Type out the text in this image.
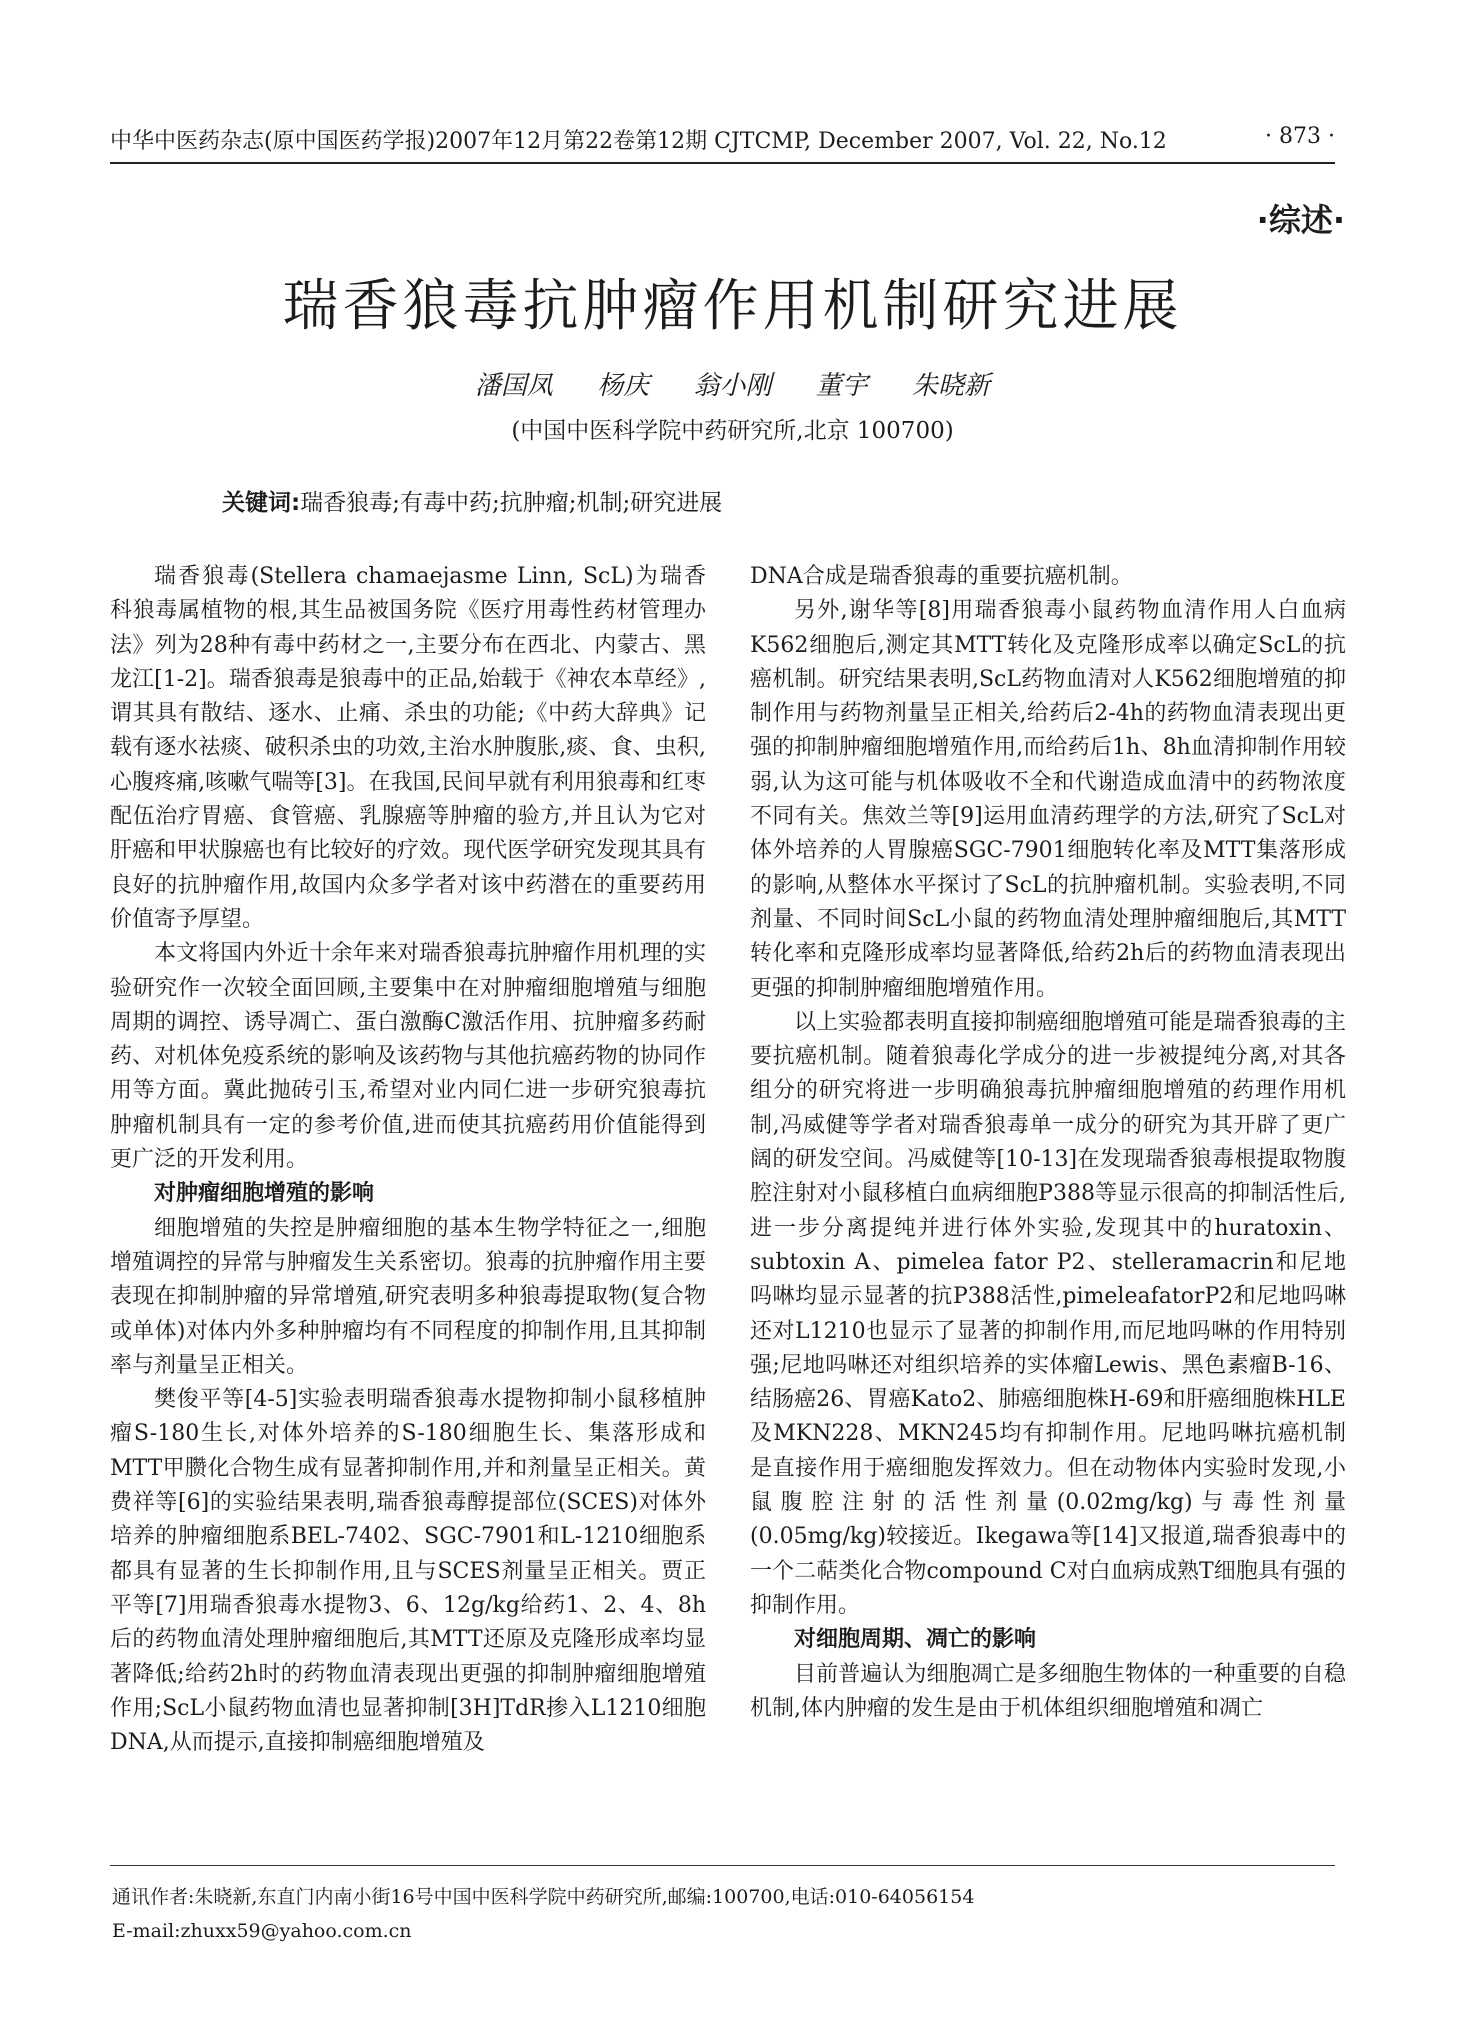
中华中医药杂志(原中国医药学报)2007年12月第22卷第12期 CJTCMP, December 2007, Vol. 22, No.12	· 873 ·
·综述·
瑞香狼毒抗肿瘤作用机制研究进展
潘国凤 杨庆 翁小刚 董宇 朱晓新
(中国中医科学院中药研究所,北京 100700)
关键词:瑞香狼毒;有毒中药;抗肿瘤;机制;研究进展

瑞香狼毒(Stellera chamaejasme Linn, ScL)为瑞香科狼毒属植物的根,其生品被国务院《医疗用毒性药材管理办法》列为28种有毒中药材之一,主要分布在西北、内蒙古、黑龙江[1-2]。瑞香狼毒是狼毒中的正品,始载于《神农本草经》,谓其具有散结、逐水、止痛、杀虫的功能;《中药大辞典》记载有逐水祛痰、破积杀虫的功效,主治水肿腹胀,痰、食、虫积,心腹疼痛,咳嗽气喘等[3]。在我国,民间早就有利用狼毒和红枣配伍治疗胃癌、食管癌、乳腺癌等肿瘤的验方,并且认为它对肝癌和甲状腺癌也有比较好的疗效。现代医学研究发现其具有良好的抗肿瘤作用,故国内众多学者对该中药潜在的重要药用价值寄予厚望。

本文将国内外近十余年来对瑞香狼毒抗肿瘤作用机理的实验研究作一次较全面回顾,主要集中在对肿瘤细胞增殖与细胞周期的调控、诱导凋亡、蛋白激酶C激活作用、抗肿瘤多药耐药、对机体免疫系统的影响及该药物与其他抗癌药物的协同作用等方面。冀此抛砖引玉,希望对业内同仁进一步研究狼毒抗肿瘤机制具有一定的参考价值,进而使其抗癌药用价值能得到更广泛的开发利用。

对肿瘤细胞增殖的影响

细胞增殖的失控是肿瘤细胞的基本生物学特征之一,细胞增殖调控的异常与肿瘤发生关系密切。狼毒的抗肿瘤作用主要表现在抑制肿瘤的异常增殖,研究表明多种狼毒提取物(复合物或单体)对体内外多种肿瘤均有不同程度的抑制作用,且其抑制率与剂量呈正相关。

樊俊平等[4-5]实验表明瑞香狼毒水提物抑制小鼠移植肿瘤S-180生长,对体外培养的S-180细胞生长、集落形成和MTT甲臜化合物生成有显著抑制作用,并和剂量呈正相关。黄费祥等[6]的实验结果表明,瑞香狼毒醇提部位(SCES)对体外培养的肿瘤细胞系BEL-7402、SGC-7901和L-1210细胞系都具有显著的生长抑制作用,且与SCES剂量呈正相关。贾正平等[7]用瑞香狼毒水提物3、6、12g/kg给药1、2、4、8h后的药物血清处理肿瘤细胞后,其MTT还原及克隆形成率均显著降低;给药2h时的药物血清表现出更强的抑制肿瘤细胞增殖作用;ScL小鼠药物血清也显著抑制[3H]TdR掺入L1210细胞DNA,从而提示,直接抑制癌细胞增殖及

DNA合成是瑞香狼毒的重要抗癌机制。

另外,谢华等[8]用瑞香狼毒小鼠药物血清作用人白血病K562细胞后,测定其MTT转化及克隆形成率以确定ScL的抗癌机制。研究结果表明,ScL药物血清对人K562细胞增殖的抑制作用与药物剂量呈正相关,给药后2-4h的药物血清表现出更强的抑制肿瘤细胞增殖作用,而给药后1h、8h血清抑制作用较弱,认为这可能与机体吸收不全和代谢造成血清中的药物浓度不同有关。焦效兰等[9]运用血清药理学的方法,研究了ScL对体外培养的人胃腺癌SGC-7901细胞转化率及MTT集落形成的影响,从整体水平探讨了ScL的抗肿瘤机制。实验表明,不同剂量、不同时间ScL小鼠的药物血清处理肿瘤细胞后,其MTT转化率和克隆形成率均显著降低,给药2h后的药物血清表现出更强的抑制肿瘤细胞增殖作用。

以上实验都表明直接抑制癌细胞增殖可能是瑞香狼毒的主要抗癌机制。随着狼毒化学成分的进一步被提纯分离,对其各组分的研究将进一步明确狼毒抗肿瘤细胞增殖的药理作用机制,冯威健等学者对瑞香狼毒单一成分的研究为其开辟了更广阔的研发空间。冯威健等[10-13]在发现瑞香狼毒根提取物腹腔注射对小鼠移植白血病细胞P388等显示很高的抑制活性后,进一步分离提纯并进行体外实验,发现其中的huratoxin、subtoxin A、pimelea fator P2、stelleramacrin和尼地吗啉均显示显著的抗P388活性,pimeleafatorP2和尼地吗啉还对L1210也显示了显著的抑制作用,而尼地吗啉的作用特别强;尼地吗啉还对组织培养的实体瘤Lewis、黑色素瘤B-16、结肠癌26、胃癌Kato2、肺癌细胞株H-69和肝癌细胞株HLE及MKN228、MKN245均有抑制作用。尼地吗啉抗癌机制是直接作用于癌细胞发挥效力。但在动物体内实验时发现,小鼠腹腔注射的活性剂量(0.02mg/kg)与毒性剂量(0.05mg/kg)较接近。Ikegawa等[14]又报道,瑞香狼毒中的一个二萜类化合物compound C对白血病成熟T细胞具有强的抑制作用。

对细胞周期、凋亡的影响

目前普遍认为细胞凋亡是多细胞生物体的一种重要的自稳机制,体内肿瘤的发生是由于机体组织细胞增殖和凋亡

通讯作者:朱晓新,东直门内南小街16号中国中医科学院中药研究所,邮编:100700,电话:010-64056154
E-mail:zhuxx59@yahoo.com.cn
